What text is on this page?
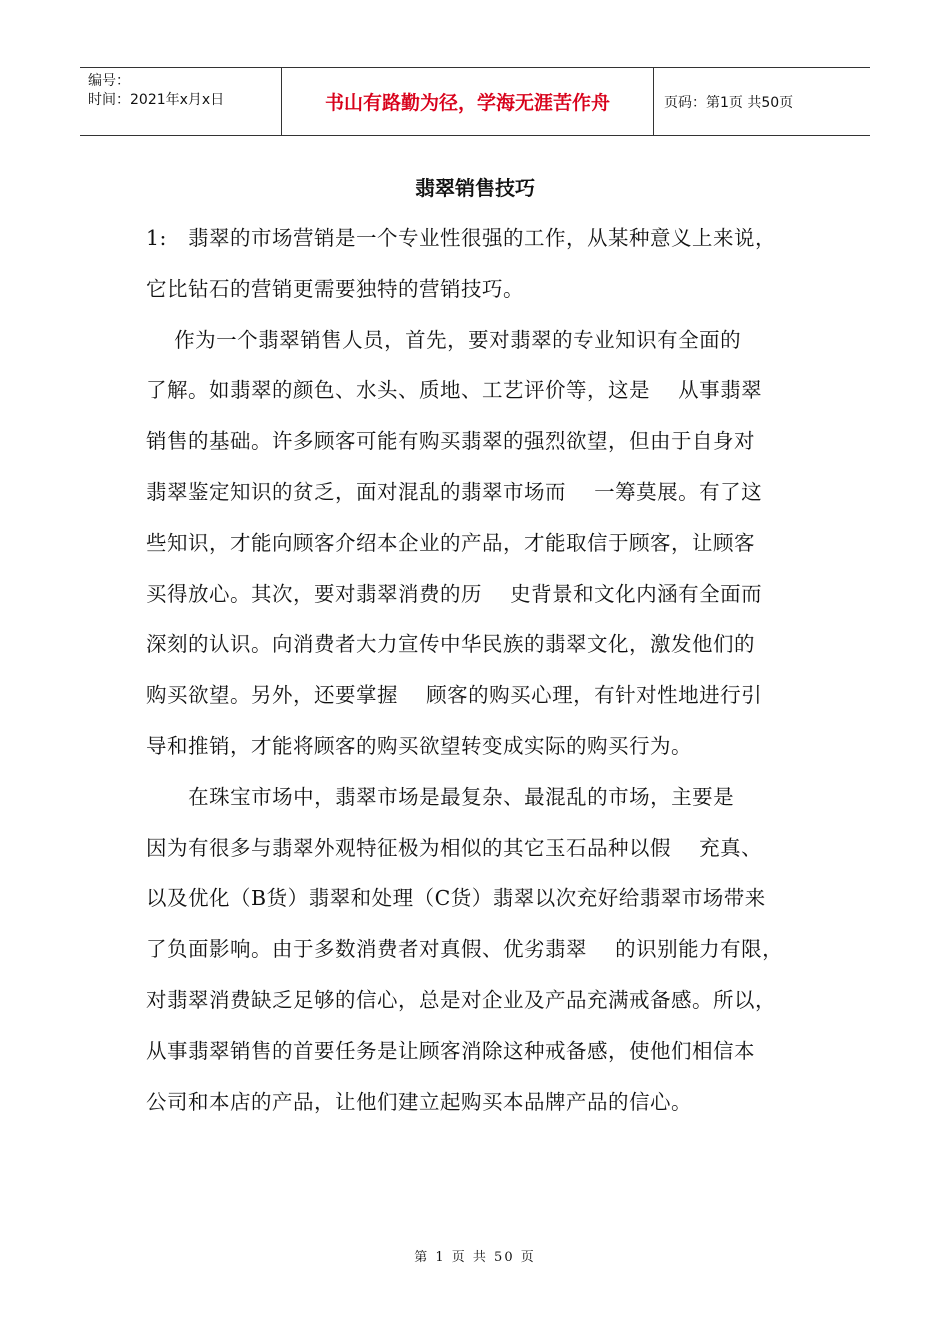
编号：
时间：2021年x月x日	书山有路勤为径，学海无涯苦作舟	页码：第1页 共50页
翡翠销售技巧
1:   翡翠的市场营销是一个专业性很强的工作，从某种意义上来说，
它比钻石的营销更需要独特的营销技巧。
作为一个翡翠销售人员，首先，要对翡翠的专业知识有全面的
了解。如翡翠的颜色、水头、质地、工艺评价等，这是    从事翡翠
销售的基础。许多顾客可能有购买翡翠的强烈欲望，但由于自身对
翡翠鉴定知识的贫乏，面对混乱的翡翠市场而    一筹莫展。有了这
些知识，才能向顾客介绍本企业的产品，才能取信于顾客，让顾客
买得放心。其次，要对翡翠消费的历    史背景和文化内涵有全面而
深刻的认识。向消费者大力宣传中华民族的翡翠文化，激发他们的
购买欲望。另外，还要掌握    顾客的购买心理，有针对性地进行引
导和推销，才能将顾客的购买欲望转变成实际的购买行为。
在珠宝市场中，翡翠市场是最复杂、最混乱的市场，主要是
因为有很多与翡翠外观特征极为相似的其它玉石品种以假    充真、
以及优化（B货）翡翠和处理（C货）翡翠以次充好给翡翠市场带来
了负面影响。由于多数消费者对真假、优劣翡翠    的识别能力有限，
对翡翠消费缺乏足够的信心，总是对企业及产品充满戒备感。所以，
从事翡翠销售的首要任务是让顾客消除这种戒备感，使他们相信本
公司和本店的产品，让他们建立起购买本品牌产品的信心。
第 1 页 共 50 页
